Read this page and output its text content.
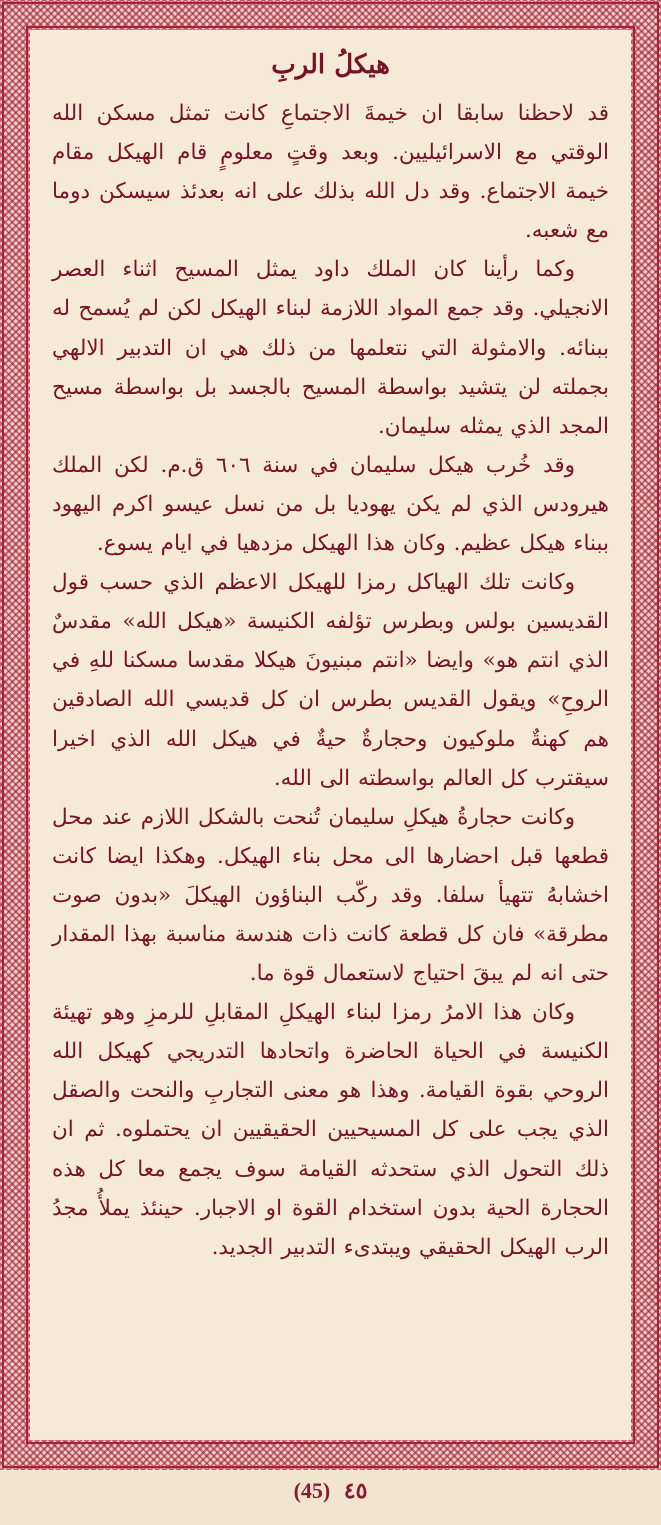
هيكلُ الربِ
قد لاحظنا سابقا ان خيمةَ الاجتماعِ كانت تمثل مسكن الله الوقتي مع الاسرائيليين. وبعد وقتٍ معلومٍ قام الهيكل مقام خيمة الاجتماع. وقد دل الله بذلك على انه بعدئذ سيسكن دوما مع شعبه.
وكما رأينا كان الملك داود يمثل المسيح اثناء العصر الانجيلي. وقد جمع المواد اللازمة لبناء الهيكل لكن لم يُسمح له ببنائه. والامثولة التي نتعلمها من ذلك هي ان التدبير الالهي بجملته لن يتشيد بواسطة المسيح بالجسد بل بواسطة مسيح المجد الذي يمثله سليمان.
وقد خُرب هيكل سليمان في سنة ٦٠٦ ق.م. لكن الملك هيرودس الذي لم يكن يهوديا بل من نسل عيسو اكرم اليهود ببناء هيكل عظيم. وكان هذا الهيكل مزدهيا في ايام يسوع.
وكانت تلك الهياكل رمزا للهيكل الاعظم الذي حسب قول القديسين بولس وبطرس تؤلفه الكنيسة «هيكل الله» مقدسٌ الذي انتم هو» وايضا «انتم مبنيونَ هيكلا مقدسا مسكنا للهِ في الروحِ» ويقول القديس بطرس ان كل قديسي الله الصادقين هم كهنةٌ ملوكيون وحجارةٌ حيةٌ في هيكل الله الذي اخيرا سيقترب كل العالم بواسطته الى الله.
وكانت حجارةُ هيكلِ سليمان تُنحت بالشكل اللازم عند محل قطعها قبل احضارها الى محل بناء الهيكل. وهكذا ايضا كانت اخشابهُ تتهيأ سلفا. وقد ركّب البناؤون الهيكلَ «بدون صوت مطرقة» فان كل قطعة كانت ذات هندسة مناسبة بهذا المقدار حتى انه لم يبقَ احتياج لاستعمال قوة ما.
وكان هذا الامرُ رمزا لبناء الهيكلِ المقابلِ للرمزِ وهو تهيئة الكنيسة في الحياة الحاضرة واتحادها التدريجي كهيكل الله الروحي بقوة القيامة. وهذا هو معنى التجاربِ والنحت والصقل الذي يجب على كل المسيحيين الحقيقيين ان يحتملوه. ثم ان ذلك التحول الذي ستحدثه القيامة سوف يجمع معا كل هذه الحجارة الحية بدون استخدام القوة او الاجبار. حينئذ يملأُ مجدُ الرب الهيكل الحقيقي ويبتدىء التدبير الجديد.
(45) ٤٥
